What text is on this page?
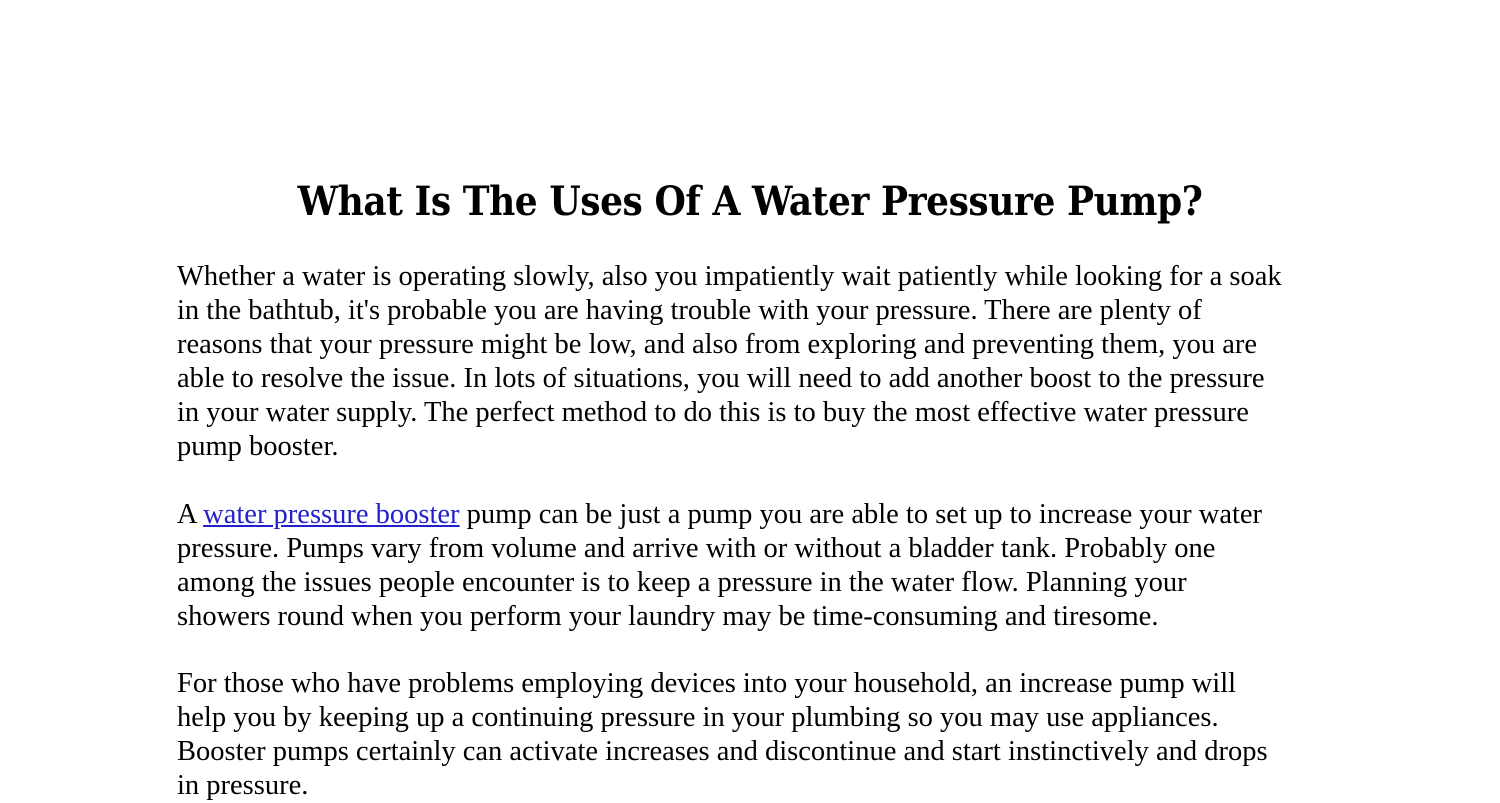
What Is The Uses Of A Water Pressure Pump?

Whether a water is operating slowly, also you impatiently wait patiently while looking for a soak
in the bathtub, it's probable you are having trouble with your pressure. There are plenty of
reasons that your pressure might be low, and also from exploring and preventing them, you are
able to resolve the issue. In lots of situations, you will need to add another boost to the pressure
in your water supply. The perfect method to do this is to buy the most effective water pressure
pump booster.

A water pressure booster pump can be just a pump you are able to set up to increase your water
pressure. Pumps vary from volume and arrive with or without a bladder tank. Probably one
among the issues people encounter is to keep a pressure in the water flow. Planning your
showers round when you perform your laundry may be time-consuming and tiresome.

For those who have problems employing devices into your household, an increase pump will
help you by keeping up a continuing pressure in your plumbing so you may use appliances.
Booster pumps certainly can activate increases and discontinue and start instinctively and drops
in pressure.
